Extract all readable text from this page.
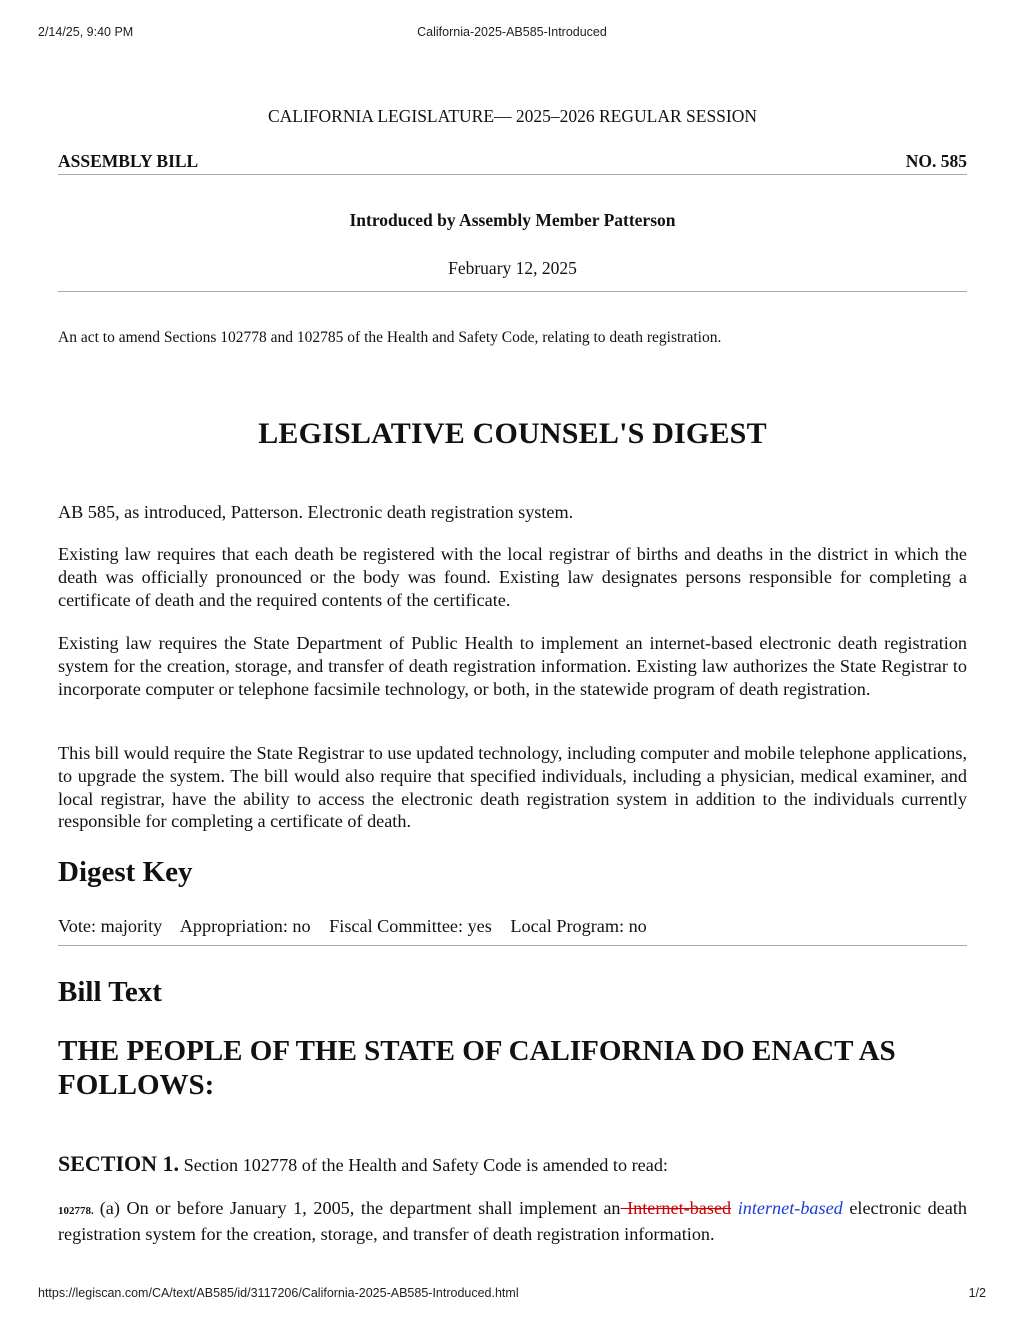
2/14/25, 9:40 PM	California-2025-AB585-Introduced
CALIFORNIA LEGISLATURE— 2025–2026 REGULAR SESSION
ASSEMBLY BILL	NO. 585
Introduced by Assembly Member Patterson
February 12, 2025
An act to amend Sections 102778 and 102785 of the Health and Safety Code, relating to death registration.
LEGISLATIVE COUNSEL'S DIGEST

AB 585, as introduced, Patterson. Electronic death registration system.

Existing law requires that each death be registered with the local registrar of births and deaths in the district in which the death was officially pronounced or the body was found. Existing law designates persons responsible for completing a certificate of death and the required contents of the certificate.

Existing law requires the State Department of Public Health to implement an internet-based electronic death registration system for the creation, storage, and transfer of death registration information. Existing law authorizes the State Registrar to incorporate computer or telephone facsimile technology, or both, in the statewide program of death registration.

This bill would require the State Registrar to use updated technology, including computer and mobile telephone applications, to upgrade the system. The bill would also require that specified individuals, including a physician, medical examiner, and local registrar, have the ability to access the electronic death registration system in addition to the individuals currently responsible for completing a certificate of death.

Digest Key
Vote: majority Appropriation: no Fiscal Committee: yes Local Program: no
Bill Text
THE PEOPLE OF THE STATE OF CALIFORNIA DO ENACT AS FOLLOWS:
SECTION 1. Section 102778 of the Health and Safety Code is amended to read:

102778. (a) On or before January 1, 2005, the department shall implement an Internet-based internet-based electronic death registration system for the creation, storage, and transfer of death registration information.

https://legiscan.com/CA/text/AB585/id/3117206/California-2025-AB585-Introduced.html	1/2
